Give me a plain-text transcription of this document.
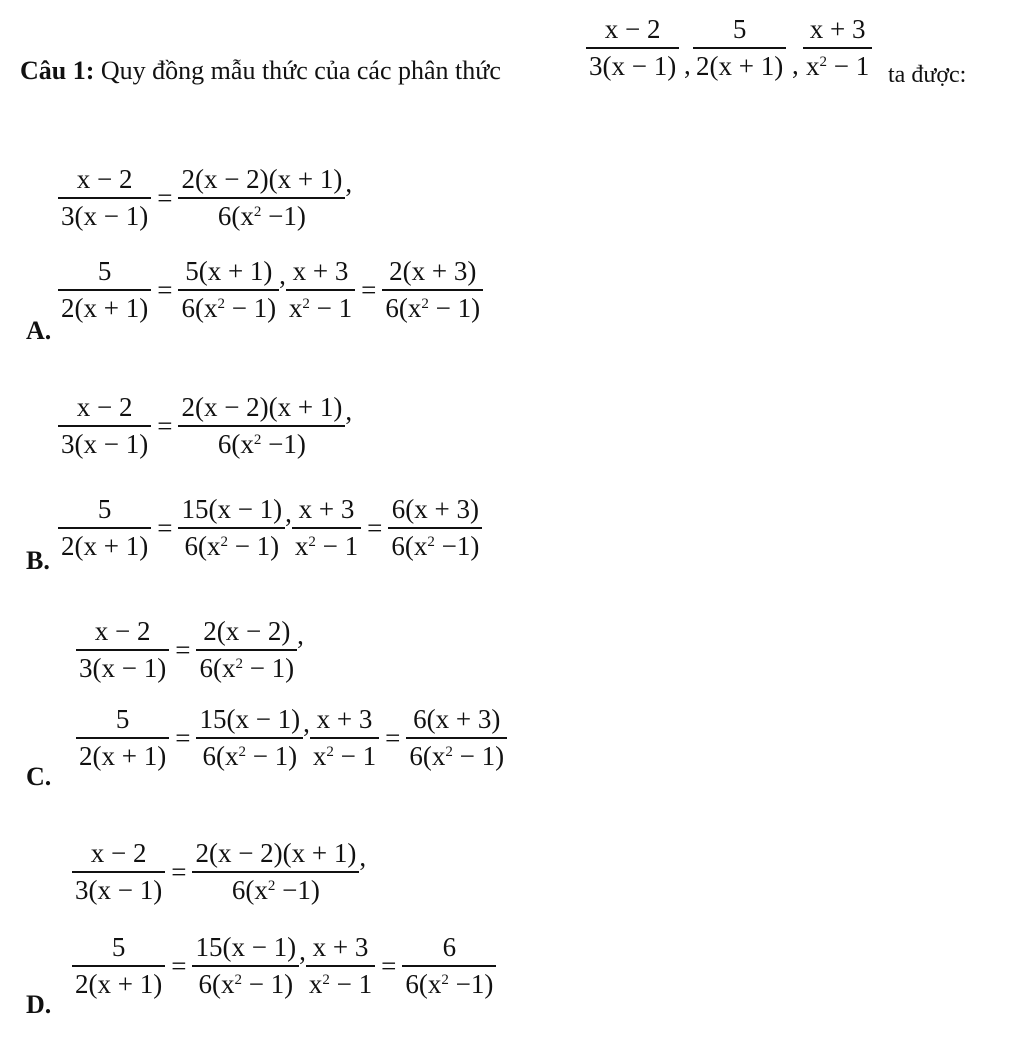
Câu 1: Quy đồng mẫu thức của các phân thức
x − 2
3(x − 1) ,
5
2(x + 1) ,
x + 3
$x^2 - 1$ ta được:
A.
$\frac{x - 2}{3(x - 1)} = \frac{2(x - 2)(x + 1)}{6(x^2 -1)}$ ,
$\frac{5}{2(x + 1)} = \frac{5(x + 1)}{6(x^2 - 1)}$ , $\frac{x + 3}{x^2 - 1} = \frac{2(x + 3)}{6(x^2 - 1)}$
B.
$\frac{x - 2}{3(x - 1)} = \frac{2(x - 2)(x + 1)}{6(x^2 -1)}$ ,
$\frac{5}{2(x + 1)} = \frac{15(x - 1)}{6(x^2 - 1)}$ , $\frac{x + 3}{x^2 - 1} = \frac{6(x + 3)}{6(x^2 -1)}$
C.
$\frac{x - 2}{3(x - 1)} = \frac{2(x - 2)}{6(x^2 - 1)}$ ,
$\frac{5}{2(x + 1)} = \frac{15(x - 1)}{6(x^2 - 1)}$ , $\frac{x + 3}{x^2 - 1} = \frac{6(x + 3)}{6(x^2 - 1)}$
D.
$\frac{x - 2}{3(x - 1)} = \frac{2(x - 2)(x + 1)}{6(x^2 -1)}$ ,
$\frac{5}{2(x + 1)} = \frac{15(x - 1)}{6(x^2 - 1)}$ , $\frac{x + 3}{x^2 - 1} = \frac{6}{6(x^2 -1)}$
